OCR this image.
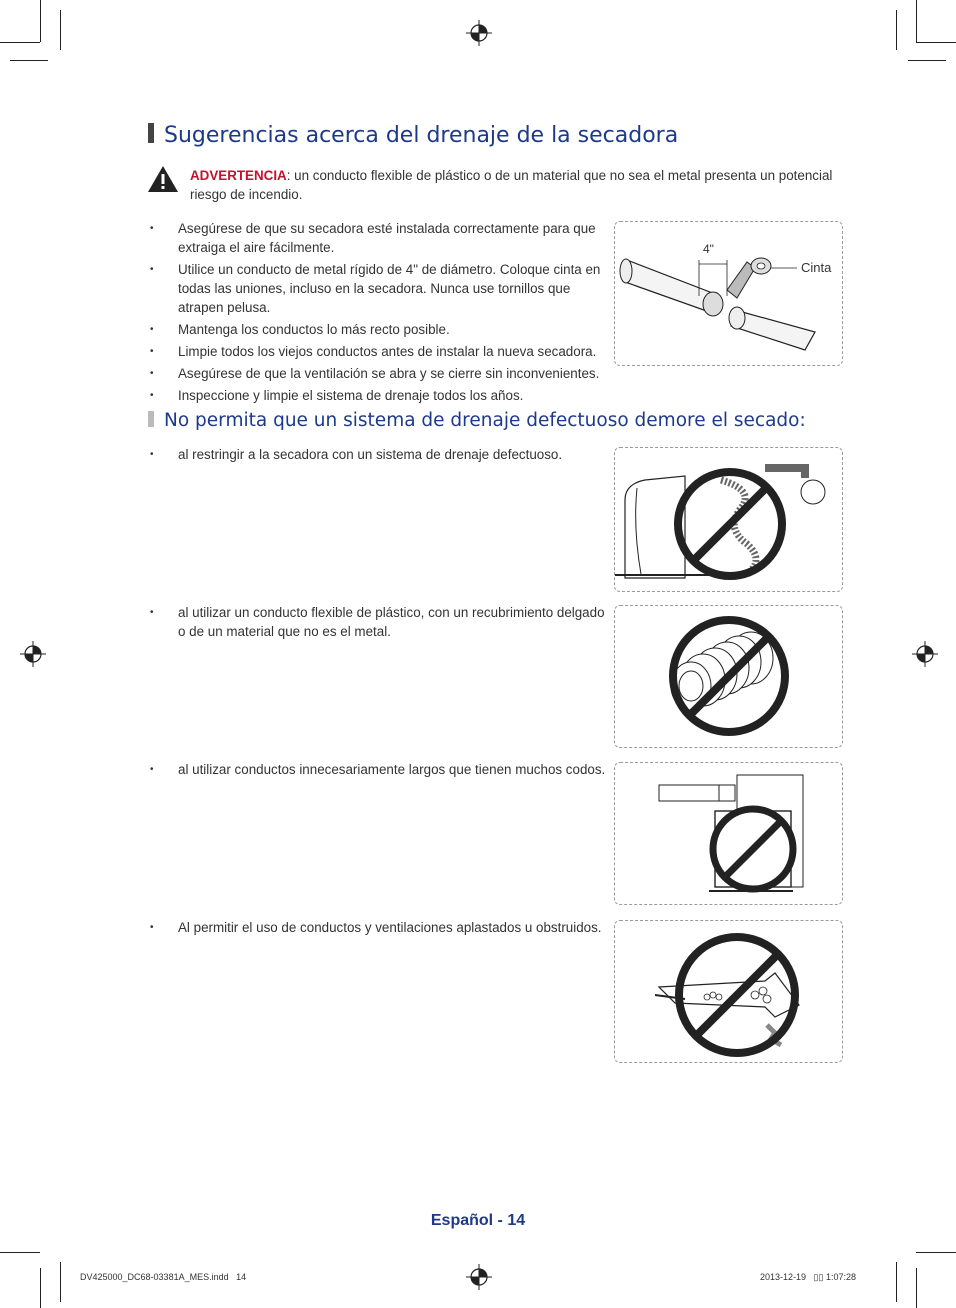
Sugerencias acerca del drenaje de la secadora
ADVERTENCIA: un conducto flexible de plástico o de un material que no sea el metal presenta un potencial riesgo de incendio.
• Asegúrese de que su secadora esté instalada correctamente para que extraiga el aire fácilmente.
• Utilice un conducto de metal rígido de 4" de diámetro. Coloque cinta en todas las uniones, incluso en la secadora. Nunca use tornillos que atrapen pelusa.
• Mantenga los conductos lo más recto posible.
• Limpie todos los viejos conductos antes de instalar la nueva secadora.
• Asegúrese de que la ventilación se abra y se cierre sin inconvenientes.
• Inspeccione y limpie el sistema de drenaje todos los años.
4"
Cinta
No permita que un sistema de drenaje defectuoso demore el secado:
• al restringir a la secadora con un sistema de drenaje defectuoso.
• al utilizar un conducto flexible de plástico, con un recubrimiento delgado o de un material que no es el metal.
• al utilizar conductos innecesariamente largos que tienen muchos codos.
• Al permitir el uso de conductos y ventilaciones aplastados u obstruidos.
Español - 14
DV425000_DC68-03381A_MES.indd   14	2013-12-19   ▯▯ 1:07:28
